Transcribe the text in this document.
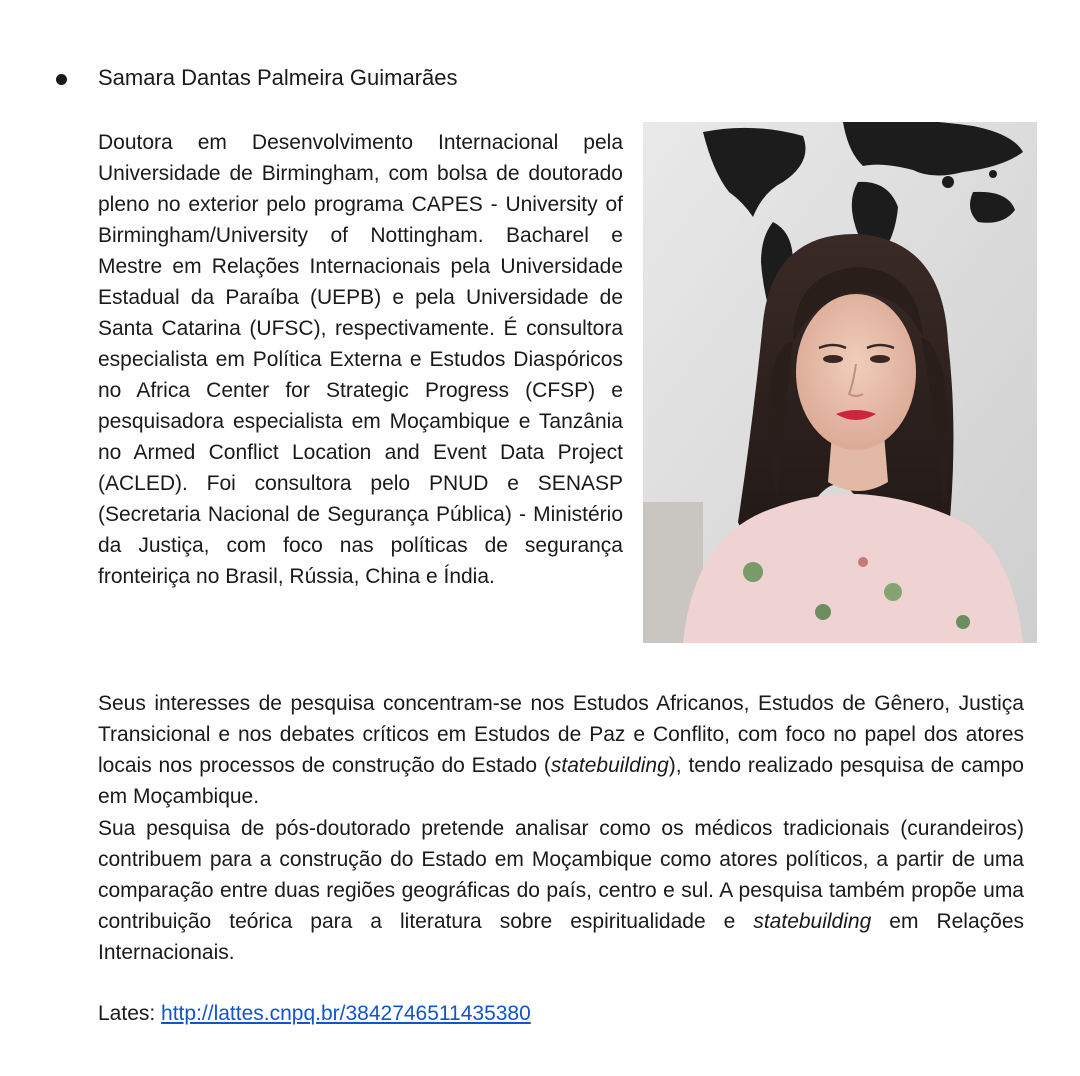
Samara Dantas Palmeira Guimarães

Doutora em Desenvolvimento Internacional pela Universidade de Birmingham, com bolsa de doutorado pleno no exterior pelo programa CAPES - University of Birmingham/University of Nottingham. Bacharel e Mestre em Relações Internacionais pela Universidade Estadual da Paraíba (UEPB) e pela Universidade de Santa Catarina (UFSC), respectivamente. É consultora especialista em Política Externa e Estudos Diaspóricos no Africa Center for Strategic Progress (CFSP) e pesquisadora especialista em Moçambique e Tanzânia no Armed Conflict Location and Event Data Project (ACLED). Foi consultora pelo PNUD e SENASP (Secretaria Nacional de Segurança Pública) - Ministério da Justiça, com foco nas políticas de segurança fronteiriça no Brasil, Rússia, China e Índia.

Seus interesses de pesquisa concentram-se nos Estudos Africanos, Estudos de Gênero, Justiça Transicional e nos debates críticos em Estudos de Paz e Conflito, com foco no papel dos atores locais nos processos de construção do Estado (statebuilding), tendo realizado pesquisa de campo em Moçambique.

Sua pesquisa de pós-doutorado pretende analisar como os médicos tradicionais (curandeiros) contribuem para a construção do Estado em Moçambique como atores políticos, a partir de uma comparação entre duas regiões geográficas do país, centro e sul. A pesquisa também propõe uma contribuição teórica para a literatura sobre espiritualidade e statebuilding em Relações Internacionais.

Lates: http://lattes.cnpq.br/3842746511435380
